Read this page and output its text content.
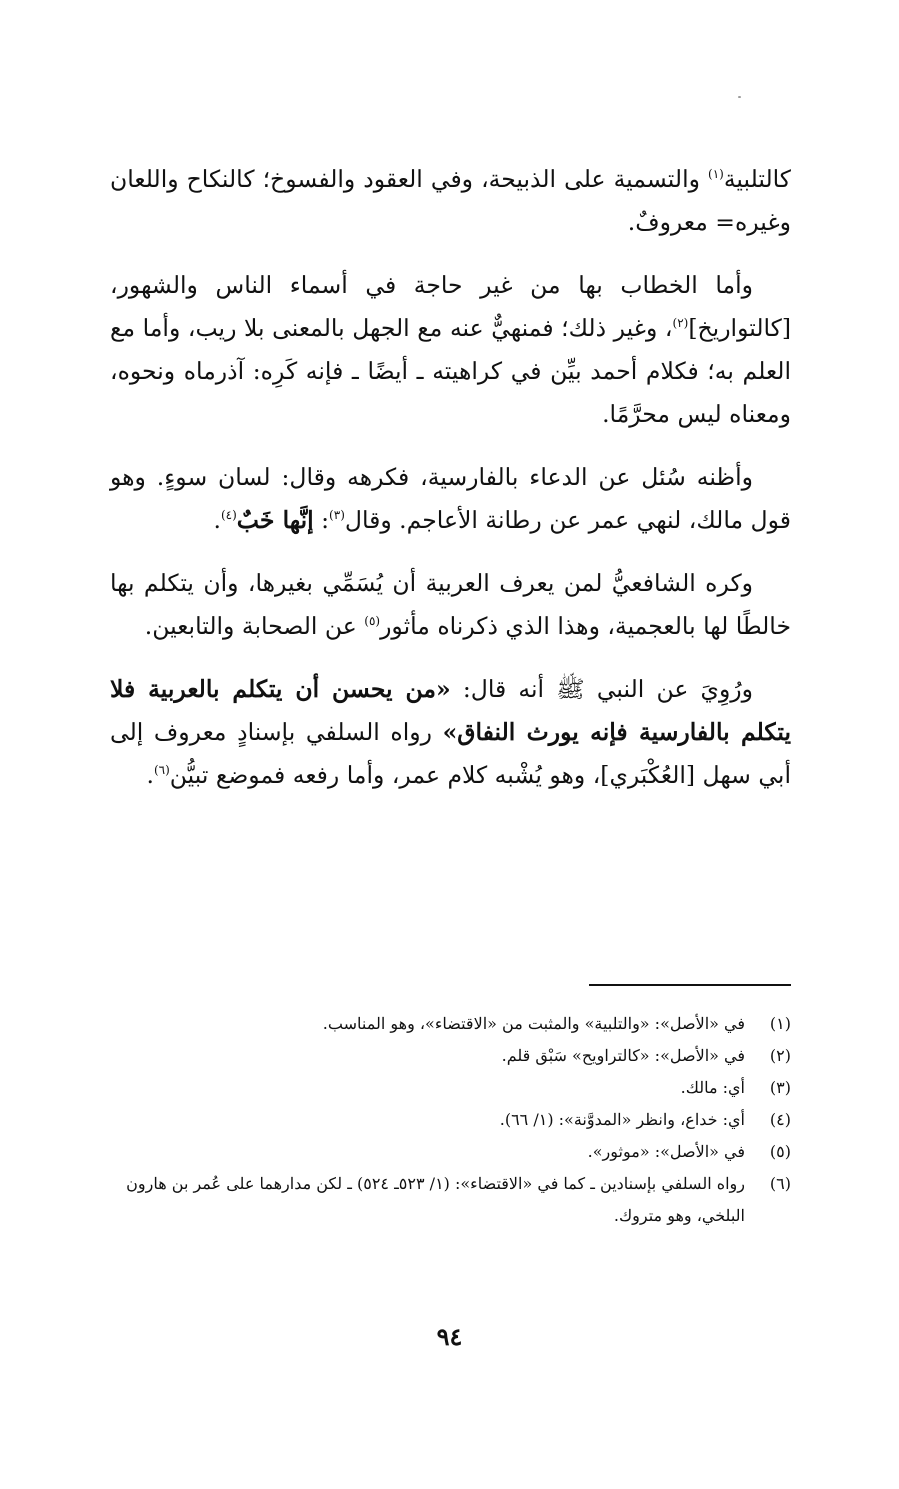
كالتلبية$^{(١)}$ والتسمية على الذبيحة، وفي العقود والفسوخ؛ كالنكاح واللعان وغيره= معروفٌ.

وأما الخطاب بها من غير حاجة في أسماء الناس والشهور، [كالتواريخ]$^{(٢)}$، وغير ذلك؛ فمنهيٌّ عنه مع الجهل بالمعنى بلا ريب، وأما مع العلم به؛ فكلام أحمد بيِّن في كراهيته ـ أيضًا ـ فإنه كَرِه: آذرماه ونحوه، ومعناه ليس محرَّمًا.

وأظنه سُئل عن الدعاء بالفارسية، فكرهه وقال: لسان سوءٍ. وهو قول مالك، لنهي عمر عن رطانة الأعاجم. وقال$^{(٣)}$: إنَّها خَبٌ$^{(٤)}$.

وكره الشافعيُّ لمن يعرف العربية أن يُسَمِّي بغيرها، وأن يتكلم بها خالطًا لها بالعجمية، وهذا الذي ذكرناه مأثور$^{(٥)}$ عن الصحابة والتابعين.

ورُوِيَ عن النبي ﷺ أنه قال: «من يحسن أن يتكلم بالعربية فلا يتكلم بالفارسية فإنه يورث النفاق» رواه السلفي بإسنادٍ معروف إلى أبي سهل [العُكْبَري]، وهو يُشْبه كلام عمر، وأما رفعه فموضع تبيُّن$^{(٦)}$.

(١)
في «الأصل»: «والتلبية» والمثبت من «الاقتضاء»، وهو المناسب.
(٢)
في «الأصل»: «كالتراويح» سَبْق قلم.
(٣)
أي: مالك.
(٤)
أي: خداع، وانظر «المدوَّنة»: (١/ ٦٦).
(٥)
في «الأصل»: «موثور».
(٦)
رواه السلفي بإسنادين ـ كما في «الاقتضاء»: (١/ ٥٢٣ـ ٥٢٤) ـ لكن مدارهما على عُمر بن هارون البلخي، وهو متروك.
٩٤
